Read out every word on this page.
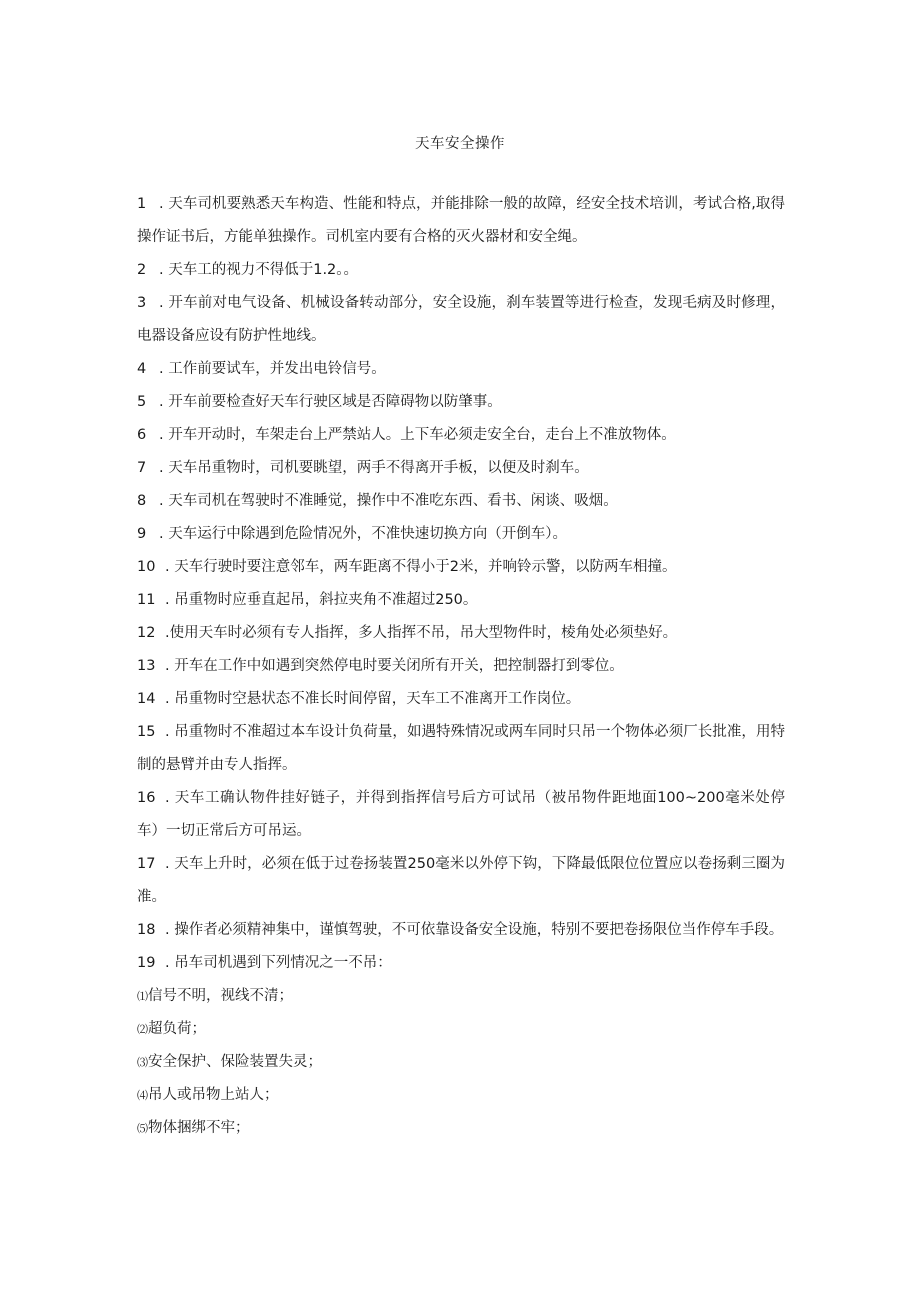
天车安全操作

1 . 天车司机要熟悉天车构造、性能和特点，并能排除一般的故障，经安全技术培训，考试合格,取得操作证书后，方能单独操作。司机室内要有合格的灭火器材和安全绳。

2 . 天车工的视力不得低于1.2。。

3 . 开车前对电气设备、机械设备转动部分，安全设施，刹车装置等进行检查，发现毛病及时修理，电器设备应设有防护性地线。

4 . 工作前要试车，并发出电铃信号。

5 . 开车前要检查好天车行驶区域是否障碍物以防肇事。

6 . 开车开动时，车架走台上严禁站人。上下车必须走安全台，走台上不准放物体。

7 . 天车吊重物时，司机要眺望，两手不得离开手板，以便及时刹车。

8 . 天车司机在驾驶时不准睡觉，操作中不准吃东西、看书、闲谈、吸烟。

9 . 天车运行中除遇到危险情况外，不准快速切换方向（开倒车）。

10 . 天车行驶时要注意邻车，两车距离不得小于2米，并响铃示警，以防两车相撞。

11 . 吊重物时应垂直起吊，斜拉夹角不准超过250。

12 .使用天车时必须有专人指挥，多人指挥不吊，吊大型物件时，棱角处必须垫好。

13 . 开车在工作中如遇到突然停电时要关闭所有开关，把控制器打到零位。

14 . 吊重物时空悬状态不准长时间停留，天车工不准离开工作岗位。

15 . 吊重物时不准超过本车设计负荷量，如遇特殊情况或两车同时只吊一个物体必须厂长批准，用特制的悬臂并由专人指挥。

16 . 天车工确认物件挂好链子，并得到指挥信号后方可试吊（被吊物件距地面100~200毫米处停车）一切正常后方可吊运。

17 . 天车上升时，必须在低于过卷扬装置250毫米以外停下钩，下降最低限位位置应以卷扬剩三圈为准。

18 . 操作者必须精神集中，谨慎驾驶，不可依靠设备安全设施，特别不要把卷扬限位当作停车手段。

19 . 吊车司机遇到下列情况之一不吊：

⑴信号不明，视线不清；

⑵超负荷；

⑶安全保护、保险装置失灵；

⑷吊人或吊物上站人；

⑸物体捆绑不牢；
